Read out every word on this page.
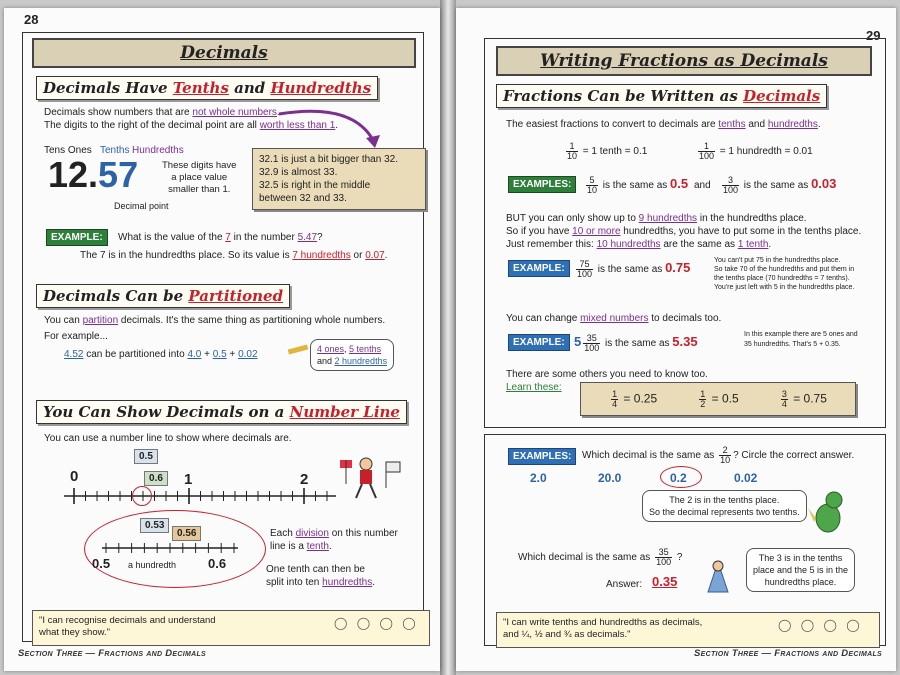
28
Decimals
Decimals Have Tenths and Hundredths
Decimals show numbers that are not whole numbers.
The digits to the right of the decimal point are all worth less than 1.
Tens Ones Tenths Hundredths
12.57
Decimal point
These digits have
a place value
smaller than 1.
32.1 is just a bit bigger than 32.
32.9 is almost 33.
32.5 is right in the middle
between 32 and 33.
EXAMPLE:	What is the value of the 7 in the number 5.47?
The 7 is in the hundredths place. So its value is 7 hundredths or 0.07.
Decimals Can be Partitioned
You can partition decimals. It's the same thing as partitioning whole numbers.
For example...
4.52 can be partitioned into 4.0 + 0.5 + 0.02	4 ones, 5 tenths
and 2 hundredths
You Can Show Decimals on a Number Line
You can use a number line to show where decimals are.
0.5
0.6
0	1	2
0.53
0.56
0.5	0.6
a hundredth
Each division on this number
line is a tenth.
One tenth can then be
split into ten hundredths.
"I can recognise decimals and understand
what they show."
◯ ◯ ◯ ◯
Section Three — Fractions and Decimals
29
Writing Fractions as Decimals
Fractions Can be Written as Decimals
The easiest fractions to convert to decimals are tenths and hundredths.
$\frac{1}{10} = 1$ tenth = 0.1	$\frac{1}{100} = 1$ hundredth = 0.01
EXAMPLES:	$\frac{5}{10}$ is the same as 0.5 and $\frac{3}{100}$ is the same as 0.03
BUT you can only show up to 9 hundredths in the hundredths place.
So if you have 10 or more hundredths, you have to put some in the tenths place.
Just remember this: 10 hundredths are the same as 1 tenth.
EXAMPLE:	$\frac{75}{100}$ is the same as 0.75	You can't put 75 in the hundredths place.
So take 70 of the hundredths and put them in
the tenths place (70 hundredths = 7 tenths).
You're just left with 5 in the hundredths place.
You can change mixed numbers to decimals too.
EXAMPLE: $5 \frac{35}{100}$ is the same as 5.35	In this example there are 5 ones and
35 hundredths. That's 5 + 0.35.
There are some others you need to know too.
Learn these:
$\frac{1}{4} = 0.25$	$\frac{1}{2} = 0.5$	$\frac{3}{4} = 0.75$
EXAMPLES:	Which decimal is the same as $\frac{2}{10}$ ? Circle the correct answer.
2.0	20.0	0.2	0.02
The 2 is in the tenths place.
So the decimal represents two tenths.
Which decimal is the same as $\frac{35}{100}$ ?
Answer: 0.35
The 3 is in the tenths
place and the 5 is in the
hundredths place.
"I can write tenths and hundredths as decimals,
and ¼, ½ and ¾ as decimals."
◯ ◯ ◯ ◯
Section Three — Fractions and Decimals
